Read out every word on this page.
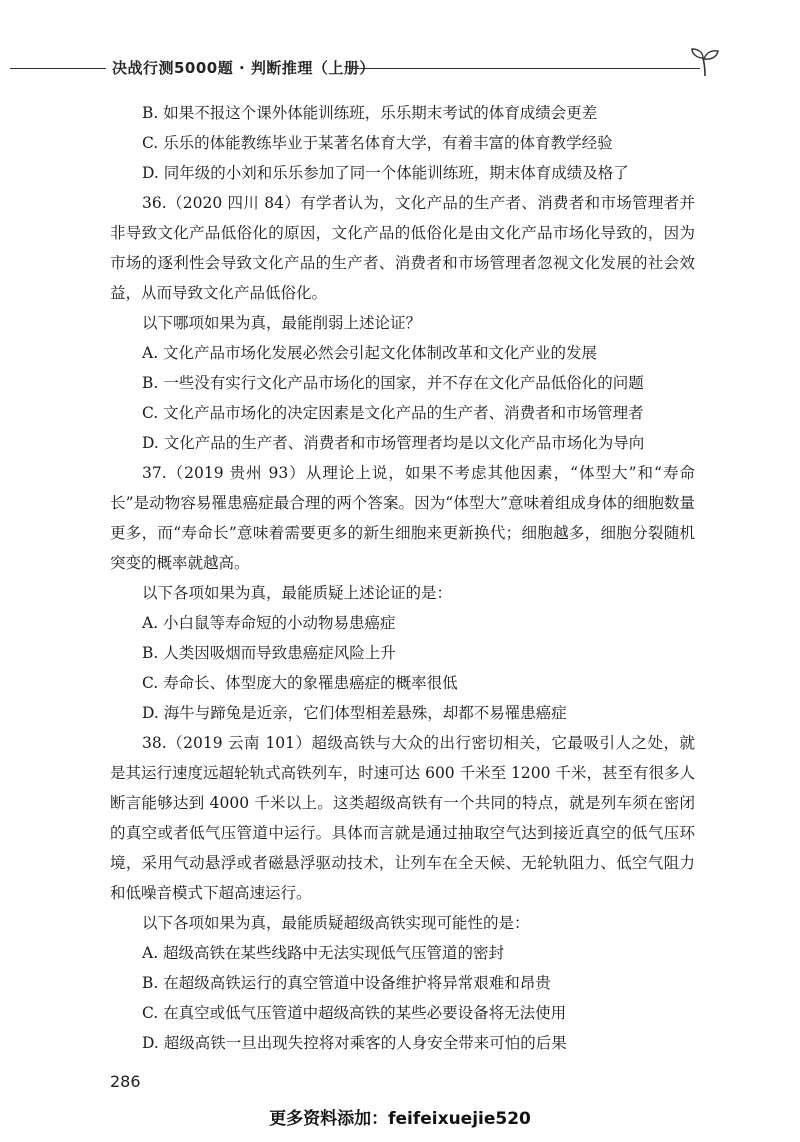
决战行测5000题 · 判断推理（上册）

B. 如果不报这个课外体能训练班，乐乐期末考试的体育成绩会更差

C. 乐乐的体能教练毕业于某著名体育大学，有着丰富的体育教学经验

D. 同年级的小刘和乐乐参加了同一个体能训练班，期末体育成绩及格了

36.（2020 四川 84）有学者认为，文化产品的生产者、消费者和市场管理者并非导致文化产品低俗化的原因，文化产品的低俗化是由文化产品市场化导致的，因为市场的逐利性会导致文化产品的生产者、消费者和市场管理者忽视文化发展的社会效益，从而导致文化产品低俗化。

以下哪项如果为真，最能削弱上述论证？

A. 文化产品市场化发展必然会引起文化体制改革和文化产业的发展

B. 一些没有实行文化产品市场化的国家，并不存在文化产品低俗化的问题

C. 文化产品市场化的决定因素是文化产品的生产者、消费者和市场管理者

D. 文化产品的生产者、消费者和市场管理者均是以文化产品市场化为导向

37.（2019 贵州 93）从理论上说，如果不考虑其他因素，“体型大”和“寿命长”是动物容易罹患癌症最合理的两个答案。因为“体型大”意味着组成身体的细胞数量更多，而“寿命长”意味着需要更多的新生细胞来更新换代；细胞越多，细胞分裂随机突变的概率就越高。

以下各项如果为真，最能质疑上述论证的是：

A. 小白鼠等寿命短的小动物易患癌症

B. 人类因吸烟而导致患癌症风险上升

C. 寿命长、体型庞大的象罹患癌症的概率很低

D. 海牛与蹄兔是近亲，它们体型相差悬殊，却都不易罹患癌症

38.（2019 云南 101）超级高铁与大众的出行密切相关，它最吸引人之处，就是其运行速度远超轮轨式高铁列车，时速可达 600 千米至 1200 千米，甚至有很多人断言能够达到 4000 千米以上。这类超级高铁有一个共同的特点，就是列车须在密闭的真空或者低气压管道中运行。具体而言就是通过抽取空气达到接近真空的低气压环境，采用气动悬浮或者磁悬浮驱动技术，让列车在全天候、无轮轨阻力、低空气阻力和低噪音模式下超高速运行。

以下各项如果为真，最能质疑超级高铁实现可能性的是：

A. 超级高铁在某些线路中无法实现低气压管道的密封

B. 在超级高铁运行的真空管道中设备维护将异常艰难和昂贵

C. 在真空或低气压管道中超级高铁的某些必要设备将无法使用

D. 超级高铁一旦出现失控将对乘客的人身安全带来可怕的后果

286
更多资料添加：feifeixuejie520
